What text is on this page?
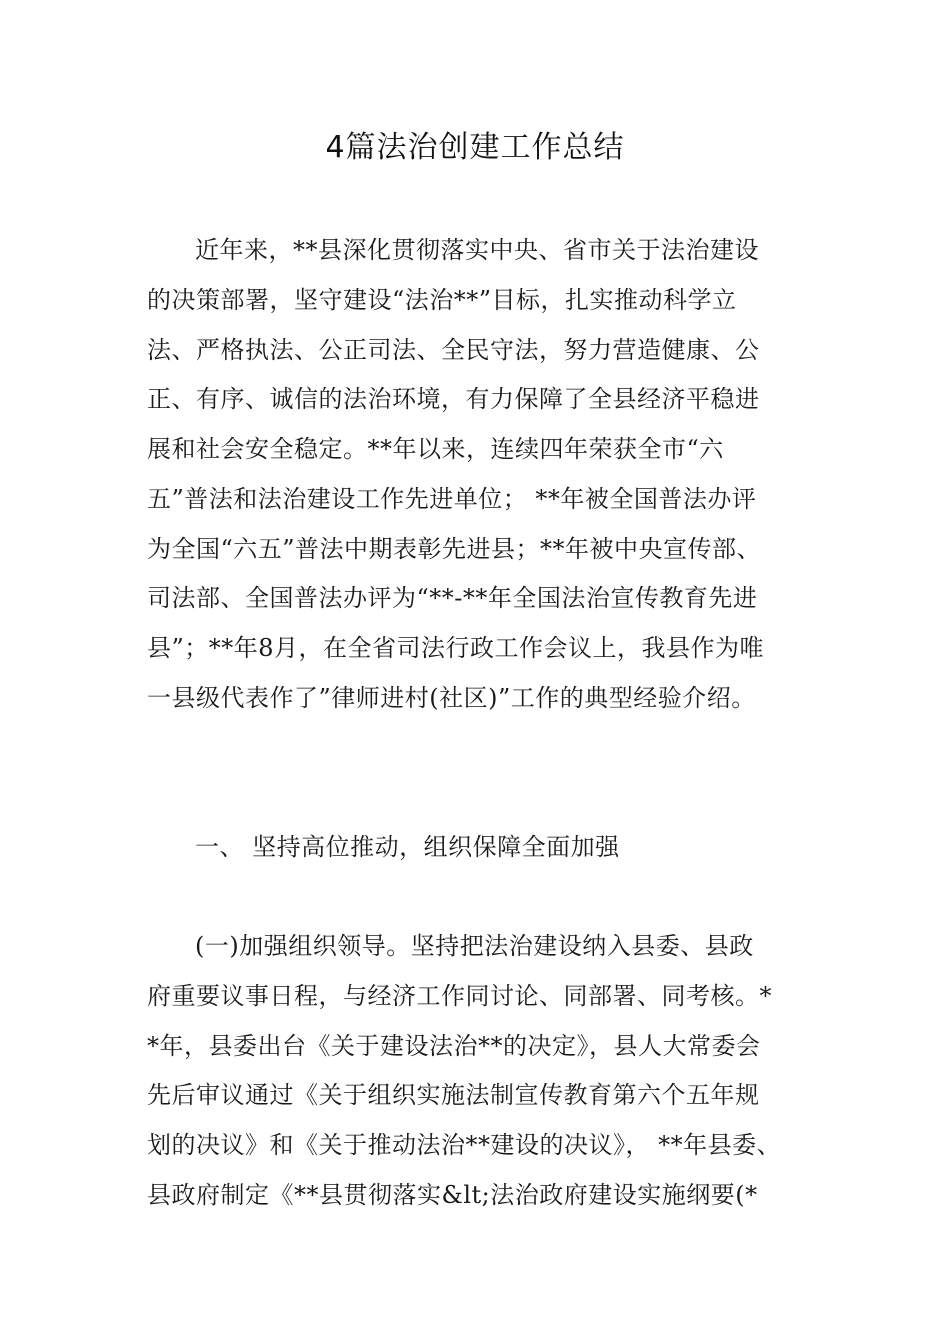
4篇法治创建工作总结
近年来，**县深化贯彻落实中央、省市关于法治建设
的决策部署，坚守建设“法治**”目标，扎实推动科学立
法、严格执法、公正司法、全民守法，努力营造健康、公
正、有序、诚信的法治环境，有力保障了全县经济平稳进
展和社会安全稳定。**年以来，连续四年荣获全市“六
五”普法和法治建设工作先进单位； **年被全国普法办评
为全国“六五”普法中期表彰先进县；**年被中央宣传部、
司法部、全国普法办评为“**-**年全国法治宣传教育先进
县”；**年8月，在全省司法行政工作会议上，我县作为唯
一县级代表作了”律师进村(社区)”工作的典型经验介绍。
一、 坚持高位推动，组织保障全面加强
(一)加强组织领导。坚持把法治建设纳入县委、县政
府重要议事日程，与经济工作同讨论、同部署、同考核。*
*年，县委出台《关于建设法治**的决定》，县人大常委会
先后审议通过《关于组织实施法制宣传教育第六个五年规
划的决议》和《关于推动法治**建设的决议》， **年县委、
县政府制定《**县贯彻落实&lt;法治政府建设实施纲要(*
